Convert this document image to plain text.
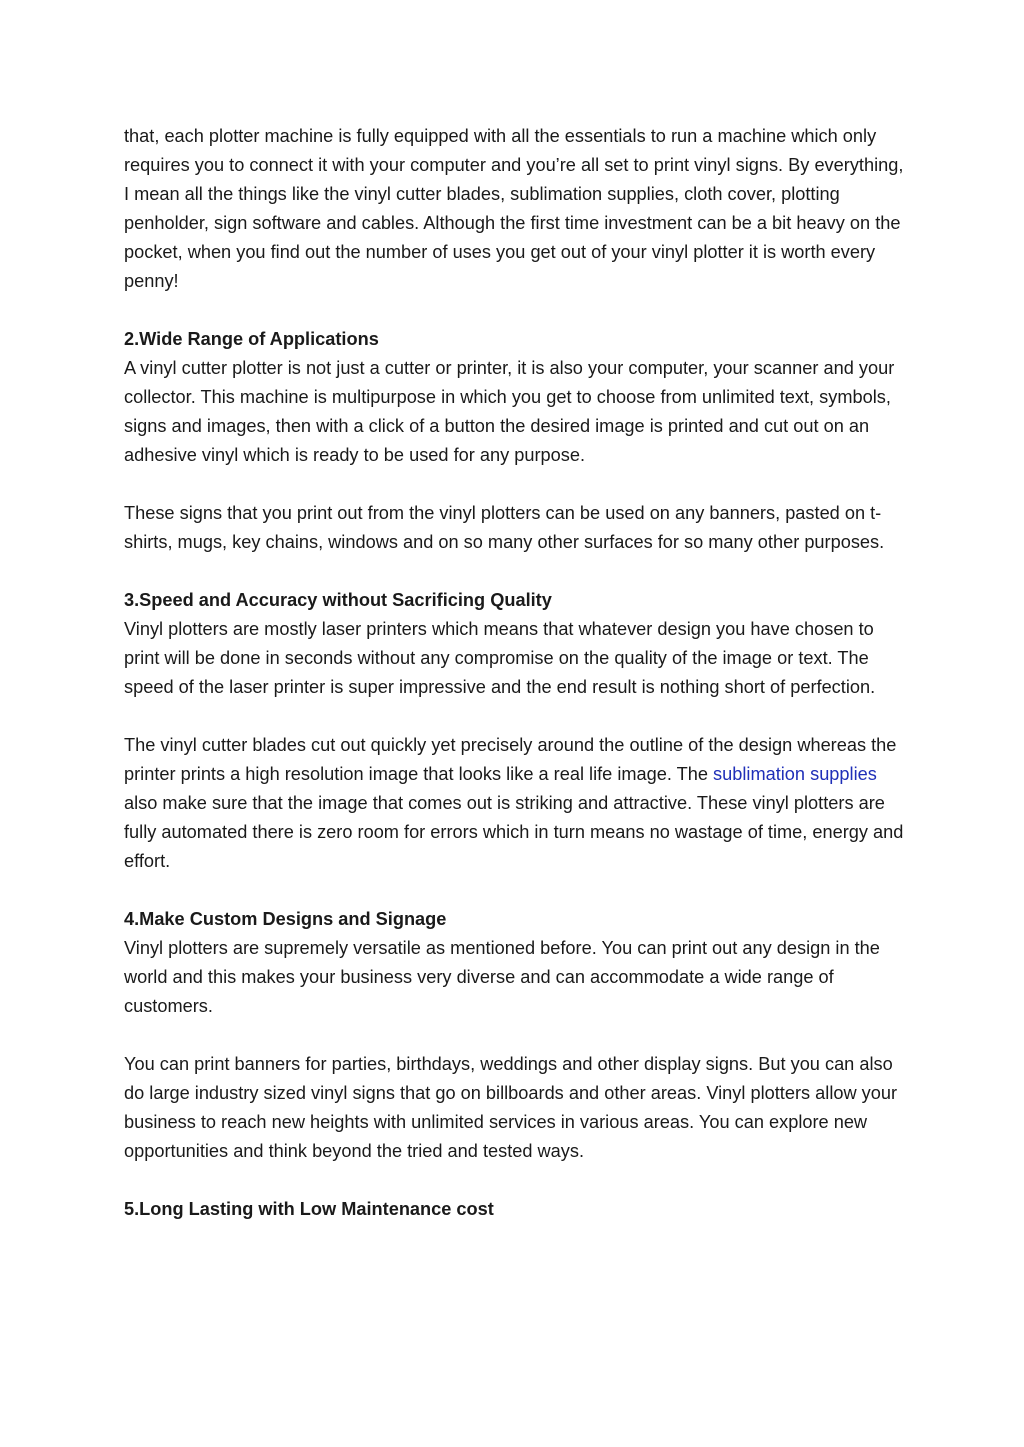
that, each plotter machine is fully equipped with all the essentials to run a machine which only requires you to connect it with your computer and you’re all set to print vinyl signs. By everything, I mean all the things like the vinyl cutter blades, sublimation supplies, cloth cover, plotting penholder, sign software and cables. Although the first time investment can be a bit heavy on the pocket, when you find out the number of uses you get out of your vinyl plotter it is worth every penny!

2.Wide Range of Applications

A vinyl cutter plotter is not just a cutter or printer, it is also your computer, your scanner and your collector. This machine is multipurpose in which you get to choose from unlimited text, symbols, signs and images, then with a click of a button the desired image is printed and cut out on an adhesive vinyl which is ready to be used for any purpose.

These signs that you print out from the vinyl plotters can be used on any banners, pasted on t-shirts, mugs, key chains, windows and on so many other surfaces for so many other purposes.

3.Speed and Accuracy without Sacrificing Quality

Vinyl plotters are mostly laser printers which means that whatever design you have chosen to print will be done in seconds without any compromise on the quality of the image or text. The speed of the laser printer is super impressive and the end result is nothing short of perfection.

The vinyl cutter blades cut out quickly yet precisely around the outline of the design whereas the printer prints a high resolution image that looks like a real life image. The sublimation supplies also make sure that the image that comes out is striking and attractive. These vinyl plotters are fully automated there is zero room for errors which in turn means no wastage of time, energy and effort.

4.Make Custom Designs and Signage

Vinyl plotters are supremely versatile as mentioned before. You can print out any design in the world and this makes your business very diverse and can accommodate a wide range of customers.

You can print banners for parties, birthdays, weddings and other display signs. But you can also do large industry sized vinyl signs that go on billboards and other areas. Vinyl plotters allow your business to reach new heights with unlimited services in various areas. You can explore new opportunities and think beyond the tried and tested ways.

5.Long Lasting with Low Maintenance cost
